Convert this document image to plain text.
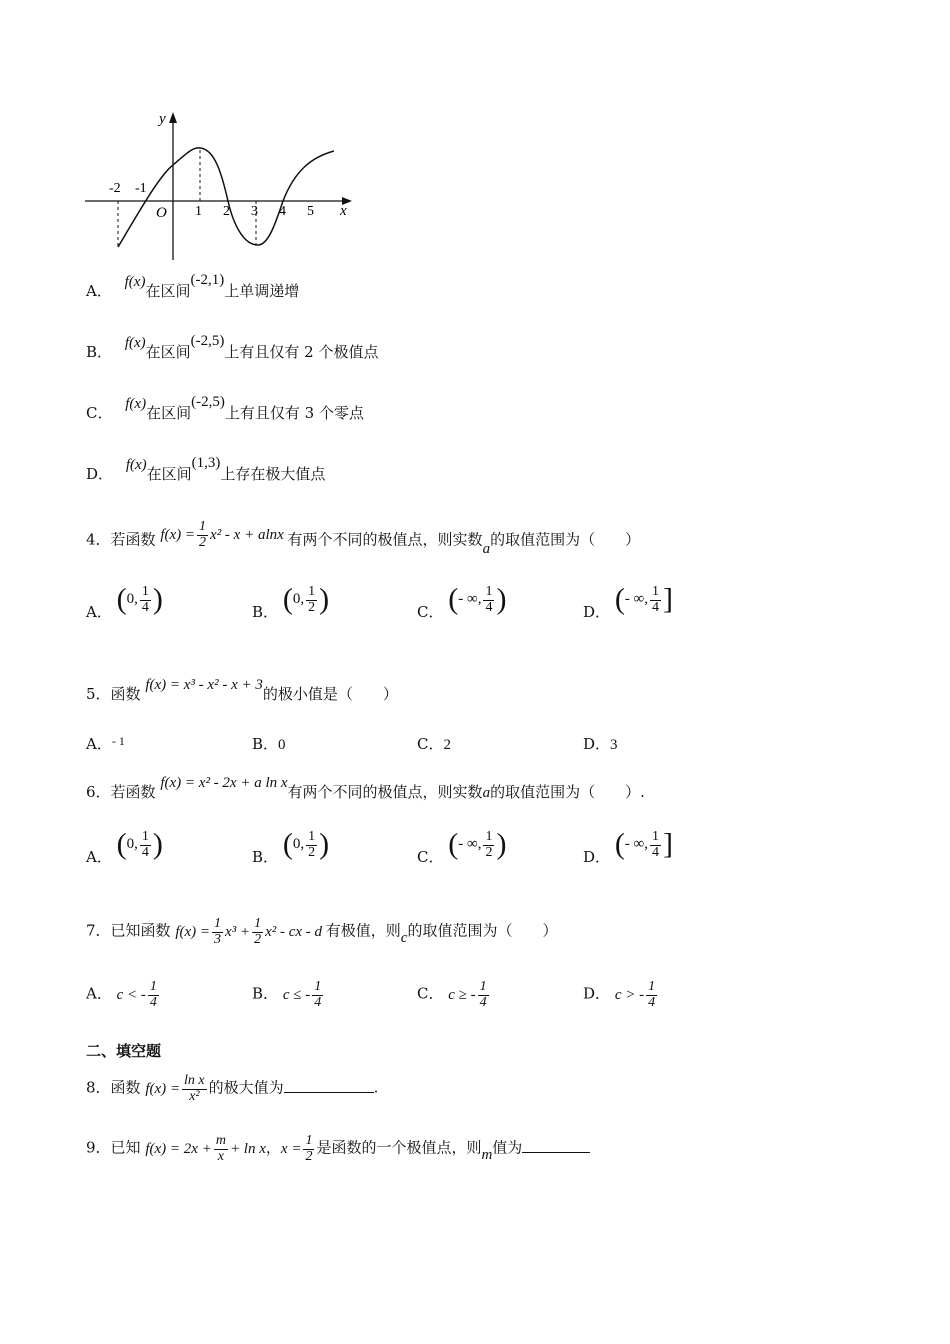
y
x
O
-2 -1
1 2 3 4 5
A． f(x)在区间(-2,1)上单调递增
B． f(x)在区间(-2,5)上有且仅有 2 个极值点
C． f(x)在区间(-2,5)上有且仅有 3 个零点
D． f(x)在区间(1,3)上存在极大值点
4．若函数 $f(x) = \frac{1}{2} x^2 - x + alnx$ 有两个不同的极值点，则实数a的取值范围为（　　）
A． (0, $\frac{1}{4}$ )	B． (0, $\frac{1}{2}$ )	C． (- ∞, $\frac{1}{4}$ )	D． (- ∞, $\frac{1}{4}$ ]
5．函数 f(x) = x³ - x² - x + 3的极小值是（　　）
A．$^{- 1}$	B．0	C．2	D．3
6．若函数 f(x) = x² - 2x + a ln x有两个不同的极值点，则实数a的取值范围为（　　）.
A． (0, $\frac{1}{4}$ )	B． (0, $\frac{1}{2}$ )	C． (- ∞, $\frac{1}{2}$ )	D． (- ∞, $\frac{1}{4}$ ]
7．已知函数 $f(x) = \frac{1}{3} x^3 + \frac{1}{2} x^2$ - cx - d 有极值，则c的取值范围为（　　）
A． c < - $\frac{1}{4}$	B． c ≤ - $\frac{1}{4}$	C． c ≥ - $\frac{1}{4}$	D． c > - $\frac{1}{4}$
二、填空题
8．函数 $f(x) = \frac{\text{ln x}}{\text{x²}}$ 的极大值为	.
9．已知 $f(x) = 2x + \frac{m}{x} + \ln x$，$x = \frac{1}{2}$ 是函数的一个极值点，则m值为
